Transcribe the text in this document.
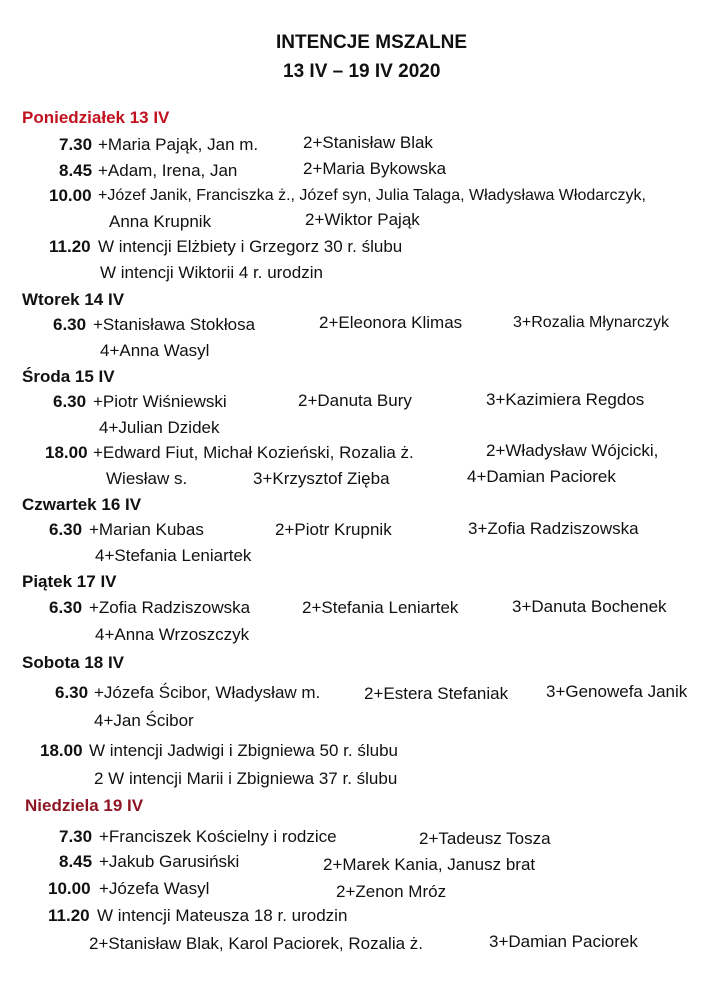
INTENCJE MSZALNE
13 IV – 19 IV 2020
Poniedziałek 13 IV
7.30 +Maria Pająk, Jan m.	2+Stanisław Blak
8.45 +Adam, Irena, Jan	2+Maria Bykowska
10.00 +Józef Janik, Franciszka ż., Józef syn, Julia Talaga, Władysława Włodarczyk,
Anna Krupnik	2+Wiktor Pająk
11.20 W intencji Elżbiety i Grzegorz 30 r. ślubu
W intencji Wiktorii 4 r. urodzin
Wtorek 14 IV
6.30 +Stanisława Stokłosa	2+Eleonora Klimas	3+Rozalia Młynarczyk
4+Anna Wasyl
Środa 15 IV
6.30 +Piotr Wiśniewski	2+Danuta Bury	3+Kazimiera Regdos
4+Julian Dzidek
18.00 +Edward Fiut, Michał Kozieński, Rozalia ż.	2+Władysław Wójcicki,
Wiesław s.	3+Krzysztof Zięba	4+Damian Paciorek
Czwartek 16 IV
6.30 +Marian Kubas	2+Piotr Krupnik	3+Zofia Radziszowska
4+Stefania Leniartek
Piątek 17 IV
6.30 +Zofia Radziszowska	2+Stefania Leniartek	3+Danuta Bochenek
4+Anna Wrzoszczyk
Sobota 18 IV
6.30 +Józefa Ścibor, Władysław m.	2+Estera Stefaniak 3+Genowefa Janik
4+Jan Ścibor
18.00 W intencji Jadwigi i Zbigniewa 50 r. ślubu
2 W intencji Marii i Zbigniewa 37 r. ślubu
Niedziela 19 IV
7.30 +Franciszek Kościelny i rodzice	2+Tadeusz Tosza
8.45 +Jakub Garusiński	2+Marek Kania, Janusz brat
10.00 +Józefa Wasyl	2+Zenon Mróz
11.20 W intencji Mateusza 18 r. urodzin
2+Stanisław Blak, Karol Paciorek, Rozalia ż.	3+Damian Paciorek
